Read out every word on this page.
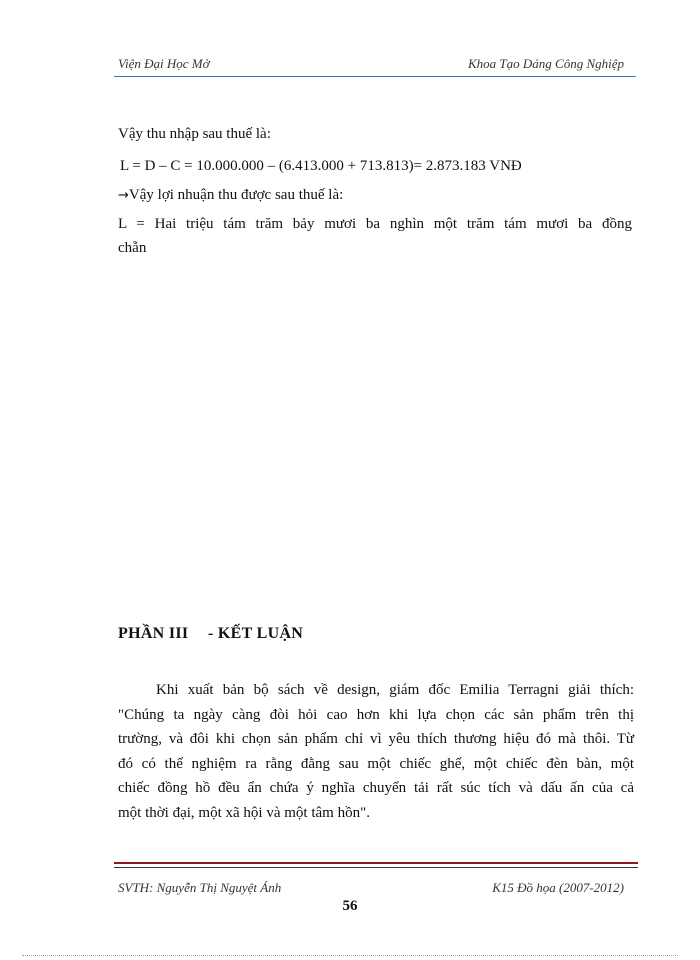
Viện Đại Học Mở	Khoa Tạo Dáng Công Nghiệp
Vậy thu nhập sau thuế là:
L = D – C = 10.000.000 – (6.413.000 + 713.813)= 2.873.183 VNĐ
→Vậy lợi nhuận thu được sau thuế là:
L = Hai triệu tám trăm bảy mươi ba nghìn một trăm tám mươi ba đồng
chẵn
PHẦN III - KẾT LUẬN
Khi xuất bản bộ sách về design, giám đốc Emilia Terragni giải thích:
"Chúng ta ngày càng đòi hỏi cao hơn khi lựa chọn các sản phẩm trên thị
trường, và đôi khi chọn sản phẩm chỉ vì yêu thích thương hiệu đó mà thôi. Từ
đó có thể nghiệm ra rằng đằng sau một chiếc ghế, một chiếc đèn bàn, một
chiếc đồng hồ đều ẩn chứa ý nghĩa chuyển tải rất súc tích và dấu ấn của cả
một thời đại, một xã hội và một tâm hồn".
SVTH: Nguyễn Thị Nguyệt Ánh	K15 Đồ họa (2007-2012)
56
